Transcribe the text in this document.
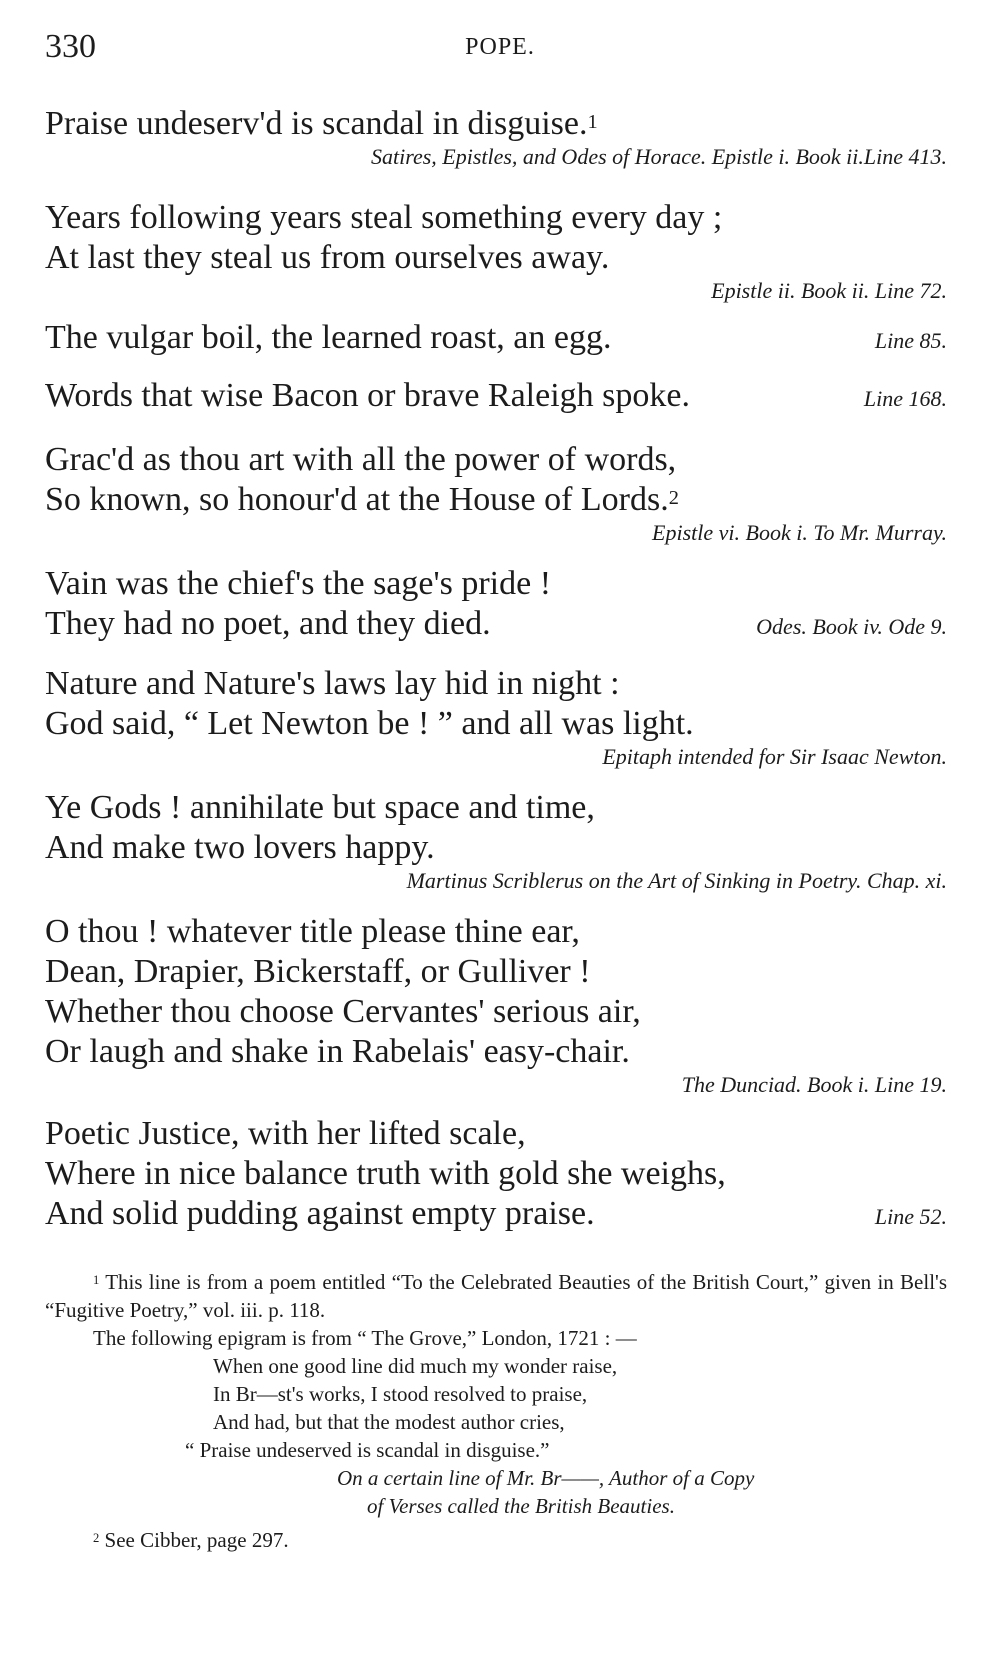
330	POPE.
Praise undeserv'd is scandal in disguise.$^1$
Satires, Epistles, and Odes of Horace. Epistle i. Book ii.Line 413.
Years following years steal something every day ;
At last they steal us from ourselves away.
Epistle ii. Book ii. Line 72.
The vulgar boil, the learned roast, an egg.	Line 85.
Words that wise Bacon or brave Raleigh spoke.	Line 168.
Grac'd as thou art with all the power of words,
So known, so honour'd at the House of Lords.$^2$
Epistle vi. Book i. To Mr. Murray.
Vain was the chief's the sage's pride !
They had no poet, and they died.	Odes. Book iv. Ode 9.
Nature and Nature's laws lay hid in night :
God said, “ Let Newton be ! ” and all was light.
Epitaph intended for Sir Isaac Newton.
Ye Gods ! annihilate but space and time,
And make two lovers happy.
Martinus Scriblerus on the Art of Sinking in Poetry. Chap. xi.
O thou ! whatever title please thine ear,
Dean, Drapier, Bickerstaff, or Gulliver !
Whether thou choose Cervantes' serious air,
Or laugh and shake in Rabelais' easy-chair.
The Dunciad. Book i. Line 19.
Poetic Justice, with her lifted scale,
Where in nice balance truth with gold she weighs,
And solid pudding against empty praise.	Line 52.
$^1$ This line is from a poem entitled “To the Celebrated Beauties of the British Court,” given in Bell's “Fugitive Poetry,” vol. iii. p. 118.
The following epigram is from “ The Grove,” London, 1721 : —
When one good line did much my wonder raise,
In Br—st's works, I stood resolved to praise,
And had, but that the modest author cries,
“ Praise undeserved is scandal in disguise.”
On a certain line of Mr. Br——, Author of a Copy
of Verses called the British Beauties.
$^2$ See Cibber, page 297.
